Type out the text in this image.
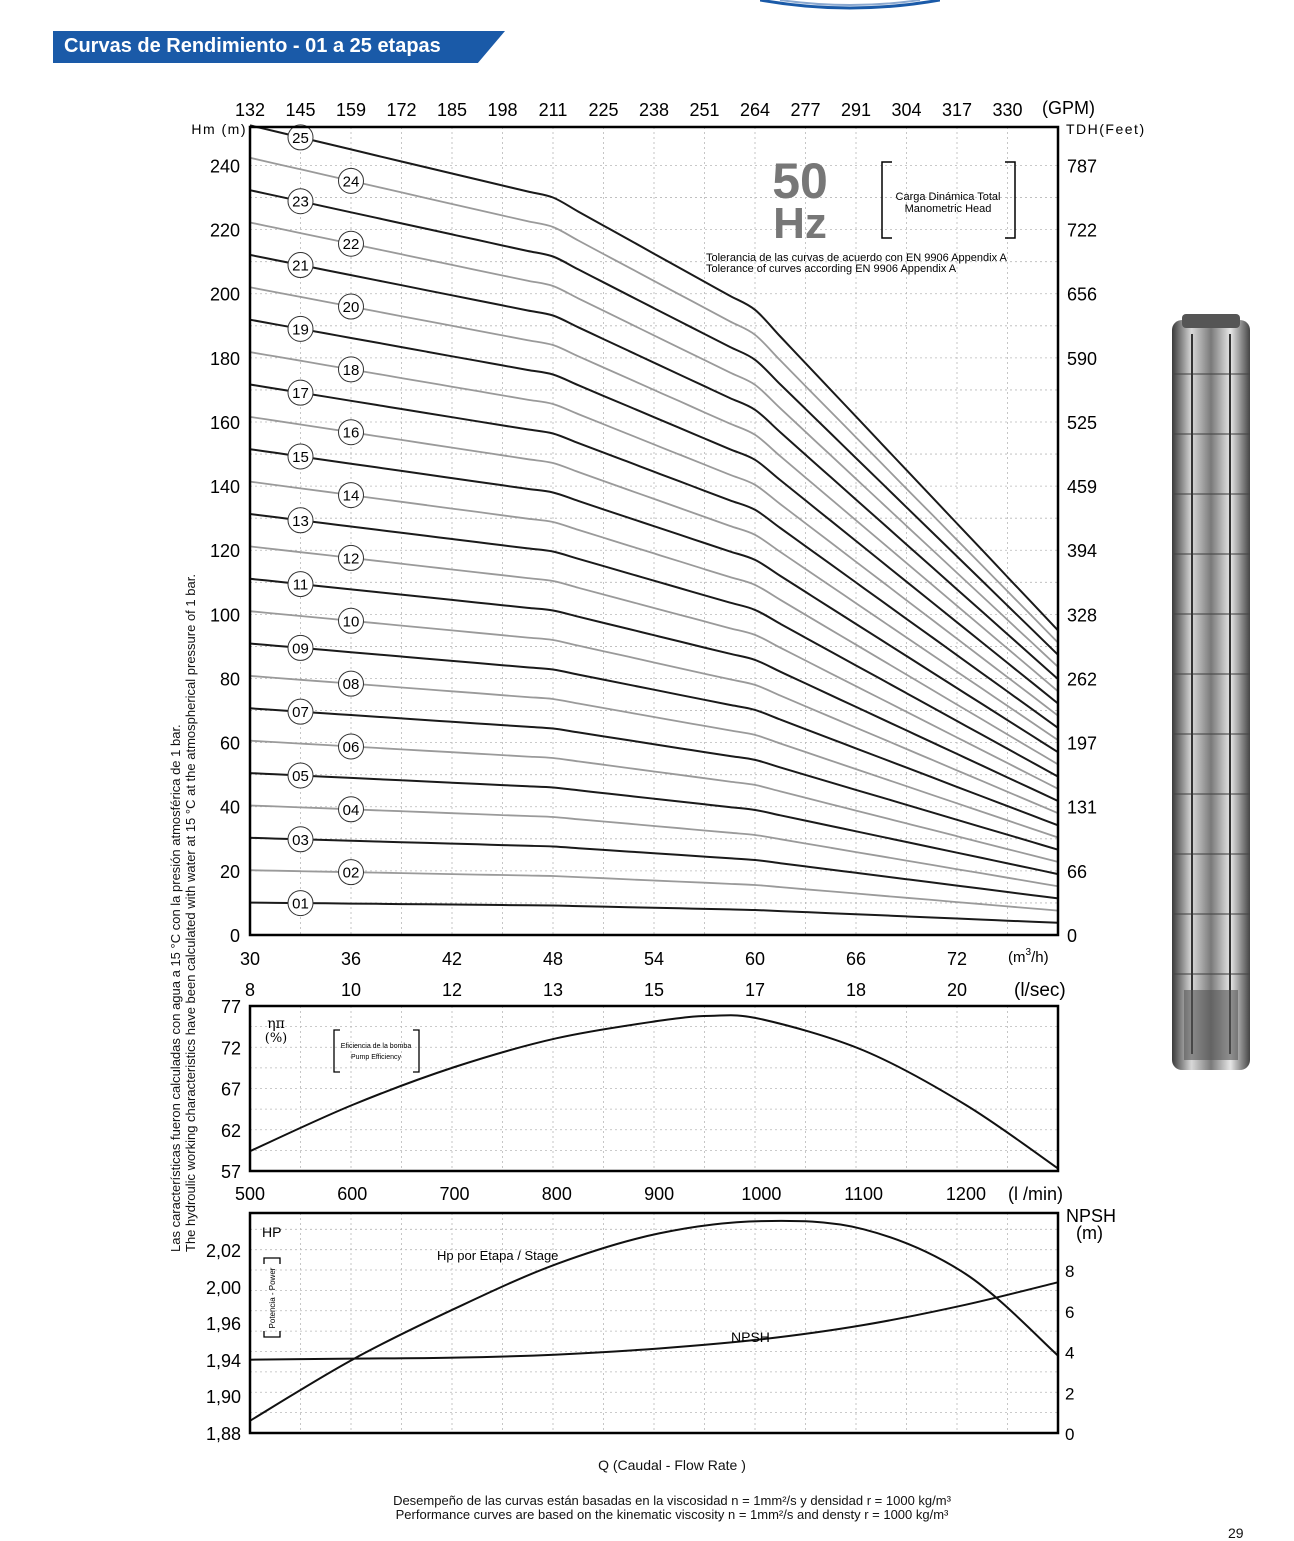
Curvas de Rendimiento - 01 a 25 etapas
01
02
03
04
05
06
07
08
09
10
11
12
13
14
15
16
17
18
19
20
21
22
23
24
25
0
20
40
60
80
100
120
140
160
180
200
220
240
0
66
131
197
262
328
394
459
525
590
656
722
787
30	36	42	48	54	60	66	72	$(m^3/h)$
8	10	12	13	15	17	18	20 (l/sec)
132 145 159 172 185 198 211 225 238 251 264 277 291 304 317 330 (GPM)
Hm (m)	TDH(Feet)
50
Hz
Carga Dinámica Total
Manometric Head
Tolerancia de las curvas de acuerdo con EN 9906 Appendix A
Tolerance of curves according EN 9906 Appendix A
57
62
67
72
77
500	600	700	800	900	1000	1100	1200 (l /min)
ηπ
(%)
Eficiencia de la bomba
Pump Efficiency
1,88
1,90
1,94
1,96
2,00
2,02
0
2
4
6
8
NPSH
(m)
HP
Potencia - Power
Hp por Etapa / Stage
NPSH
Las características fueron calculadas con agua a 15 °C con la presión atmosférica de 1 bar. The hydroulic working characteristics have been calculated with water at 15 °C at the atmospherical pressure of 1 bar.
Q (Caudal - Flow Rate )
Desempeño de las curvas están basadas en la viscosidad n = 1mm²/s y densidad r = 1000 kg/m³
Performance curves are based on the kinematic viscosity n = 1mm²/s and densty r = 1000 kg/m³
29
